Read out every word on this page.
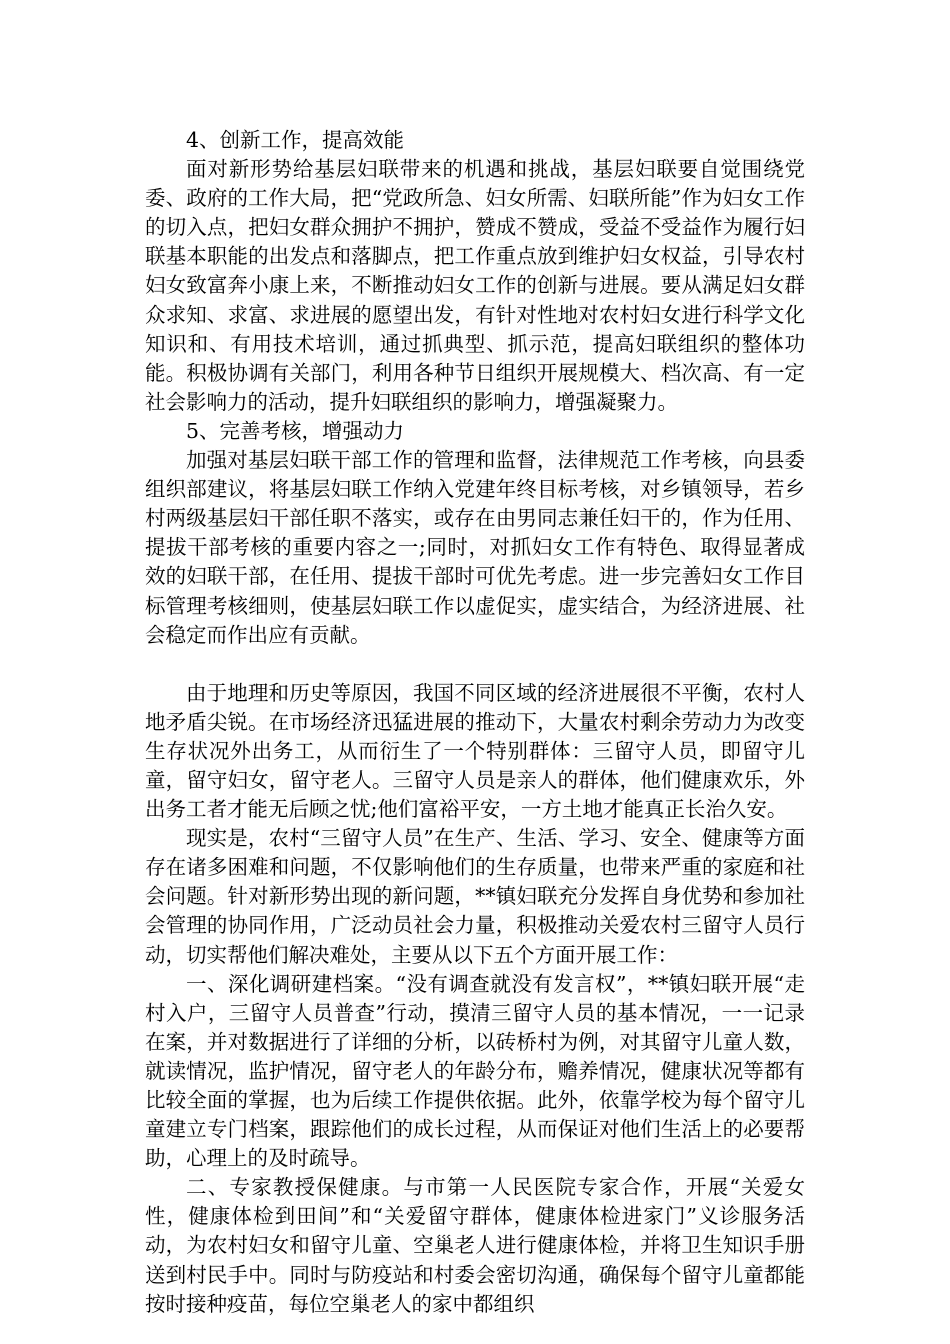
4、创新工作，提高效能

面对新形势给基层妇联带来的机遇和挑战，基层妇联要自觉围绕党委、政府的工作大局，把“党政所急、妇女所需、妇联所能”作为妇女工作的切入点，把妇女群众拥护不拥护，赞成不赞成，受益不受益作为履行妇联基本职能的出发点和落脚点，把工作重点放到维护妇女权益，引导农村妇女致富奔小康上来，不断推动妇女工作的创新与进展。要从满足妇女群众求知、求富、求进展的愿望出发，有针对性地对农村妇女进行科学文化知识和、有用技术培训，通过抓典型、抓示范，提高妇联组织的整体功能。积极协调有关部门，利用各种节日组织开展规模大、档次高、有一定社会影响力的活动，提升妇联组织的影响力，增强凝聚力。

5、完善考核，增强动力

加强对基层妇联干部工作的管理和监督，法律规范工作考核，向县委组织部建议，将基层妇联工作纳入党建年终目标考核，对乡镇领导，若乡村两级基层妇干部任职不落实，或存在由男同志兼任妇干的，作为任用、提拔干部考核的重要内容之一;同时，对抓妇女工作有特色、取得显著成效的妇联干部，在任用、提拔干部时可优先考虑。进一步完善妇女工作目标管理考核细则，使基层妇联工作以虚促实，虚实结合，为经济进展、社会稳定而作出应有贡献。

由于地理和历史等原因，我国不同区域的经济进展很不平衡，农村人地矛盾尖锐。在市场经济迅猛进展的推动下，大量农村剩余劳动力为改变生存状况外出务工，从而衍生了一个特别群体：三留守人员，即留守儿童，留守妇女，留守老人。三留守人员是亲人的群体，他们健康欢乐，外出务工者才能无后顾之忧;他们富裕平安，一方土地才能真正长治久安。

现实是，农村“三留守人员”在生产、生活、学习、安全、健康等方面存在诸多困难和问题，不仅影响他们的生存质量，也带来严重的家庭和社会问题。针对新形势出现的新问题，**镇妇联充分发挥自身优势和参加社会管理的协同作用，广泛动员社会力量，积极推动关爱农村三留守人员行动，切实帮他们解决难处，主要从以下五个方面开展工作：

一、深化调研建档案。“没有调查就没有发言权”，**镇妇联开展“走村入户，三留守人员普查”行动，摸清三留守人员的基本情况，一一记录在案，并对数据进行了详细的分析，以砖桥村为例，对其留守儿童人数，就读情况，监护情况，留守老人的年龄分布，赡养情况，健康状况等都有比较全面的掌握，也为后续工作提供依据。此外，依靠学校为每个留守儿童建立专门档案，跟踪他们的成长过程，从而保证对他们生活上的必要帮助，心理上的及时疏导。

二、专家教授保健康。与市第一人民医院专家合作，开展“关爱女性，健康体检到田间”和“关爱留守群体，健康体检进家门”义诊服务活动，为农村妇女和留守儿童、空巢老人进行健康体检，并将卫生知识手册送到村民手中。同时与防疫站和村委会密切沟通，确保每个留守儿童都能按时接种疫苗，每位空巢老人的家中都组织
